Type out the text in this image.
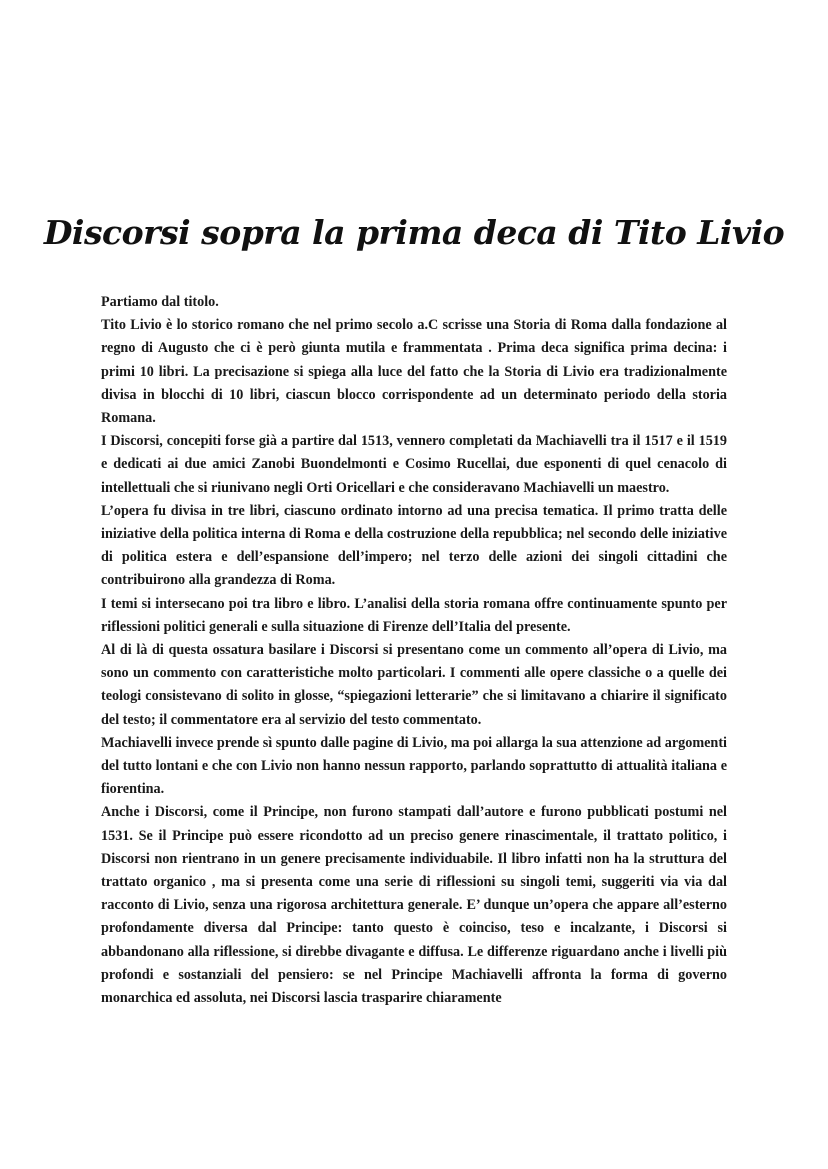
Discorsi sopra la prima deca di Tito Livio

Partiamo dal titolo.

Tito Livio è lo storico romano che nel primo secolo a.C scrisse una Storia di Roma dalla fondazione al regno di Augusto che ci è però giunta mutila e frammentata . Prima deca significa prima decina: i primi 10 libri. La precisazione si spiega alla luce del fatto che la Storia di Livio era tradizionalmente divisa in blocchi di 10 libri, ciascun blocco corrispondente ad un determinato periodo della storia Romana.

I Discorsi, concepiti forse già a partire dal 1513, vennero completati da Machiavelli tra il 1517 e il 1519 e dedicati ai due amici Zanobi Buondelmonti e Cosimo Rucellai, due esponenti di quel cenacolo di intellettuali che si riunivano negli Orti Oricellari e che consideravano Machiavelli un maestro.

L’opera fu divisa in tre libri, ciascuno ordinato intorno ad una precisa tematica. Il primo tratta delle iniziative della politica interna di Roma e della costruzione della repubblica; nel secondo delle iniziative di politica estera e dell’espansione dell’impero; nel terzo delle azioni dei singoli cittadini che contribuirono alla grandezza di Roma.

I temi si intersecano poi tra libro e libro. L’analisi della storia romana offre continuamente spunto per riflessioni politici generali e sulla situazione di Firenze dell’Italia del presente.

Al di là di questa ossatura basilare i Discorsi si presentano come un commento all’opera di Livio, ma sono un commento con caratteristiche molto particolari. I commenti alle opere classiche o a quelle dei teologi consistevano di solito in glosse, “spiegazioni letterarie” che si limitavano a chiarire il significato del testo; il commentatore era al servizio del testo commentato.

Machiavelli invece prende sì spunto dalle pagine di Livio, ma poi allarga la sua attenzione ad argomenti del tutto lontani e che con Livio non hanno nessun rapporto, parlando soprattutto di attualità italiana e fiorentina.

Anche i Discorsi, come il Principe, non furono stampati dall’autore e furono pubblicati postumi nel 1531. Se il Principe può essere ricondotto ad un preciso genere rinascimentale, il trattato politico, i Discorsi non rientrano in un genere precisamente individuabile. Il libro infatti non ha la struttura del trattato organico , ma si presenta come una serie di riflessioni su singoli temi, suggeriti via via dal racconto di Livio, senza una rigorosa architettura generale. E’ dunque un’opera che appare all’esterno profondamente diversa dal Principe: tanto questo è coinciso, teso e incalzante, i Discorsi si abbandonano alla riflessione, si direbbe divagante e diffusa. Le differenze riguardano anche i livelli più profondi e sostanziali del pensiero: se nel Principe Machiavelli affronta la forma di governo monarchica ed assoluta, nei Discorsi lascia trasparire chiaramente
